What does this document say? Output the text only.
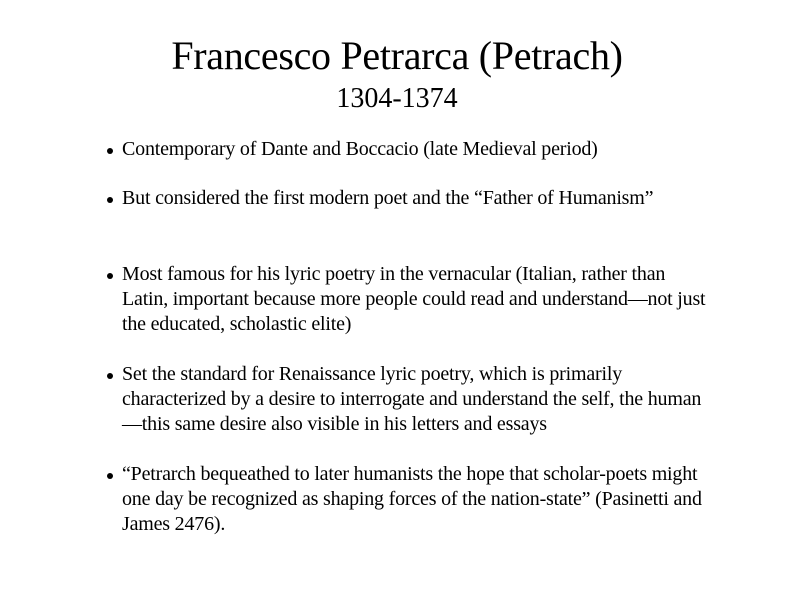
Francesco Petrarca (Petrach)
1304-1374
Contemporary of Dante and Boccacio (late Medieval period)
But considered the first modern poet and the “Father of Humanism”
Most famous for his lyric poetry in the vernacular (Italian, rather than Latin, important because more people could read and understand—not just the educated, scholastic elite)
Set the standard for Renaissance lyric poetry, which is primarily characterized by a desire to interrogate and understand the self, the human—this same desire also visible in his letters and essays
“Petrarch bequeathed to later humanists the hope that scholar-poets might one day be recognized as shaping forces of the nation-state” (Pasinetti and James 2476).
